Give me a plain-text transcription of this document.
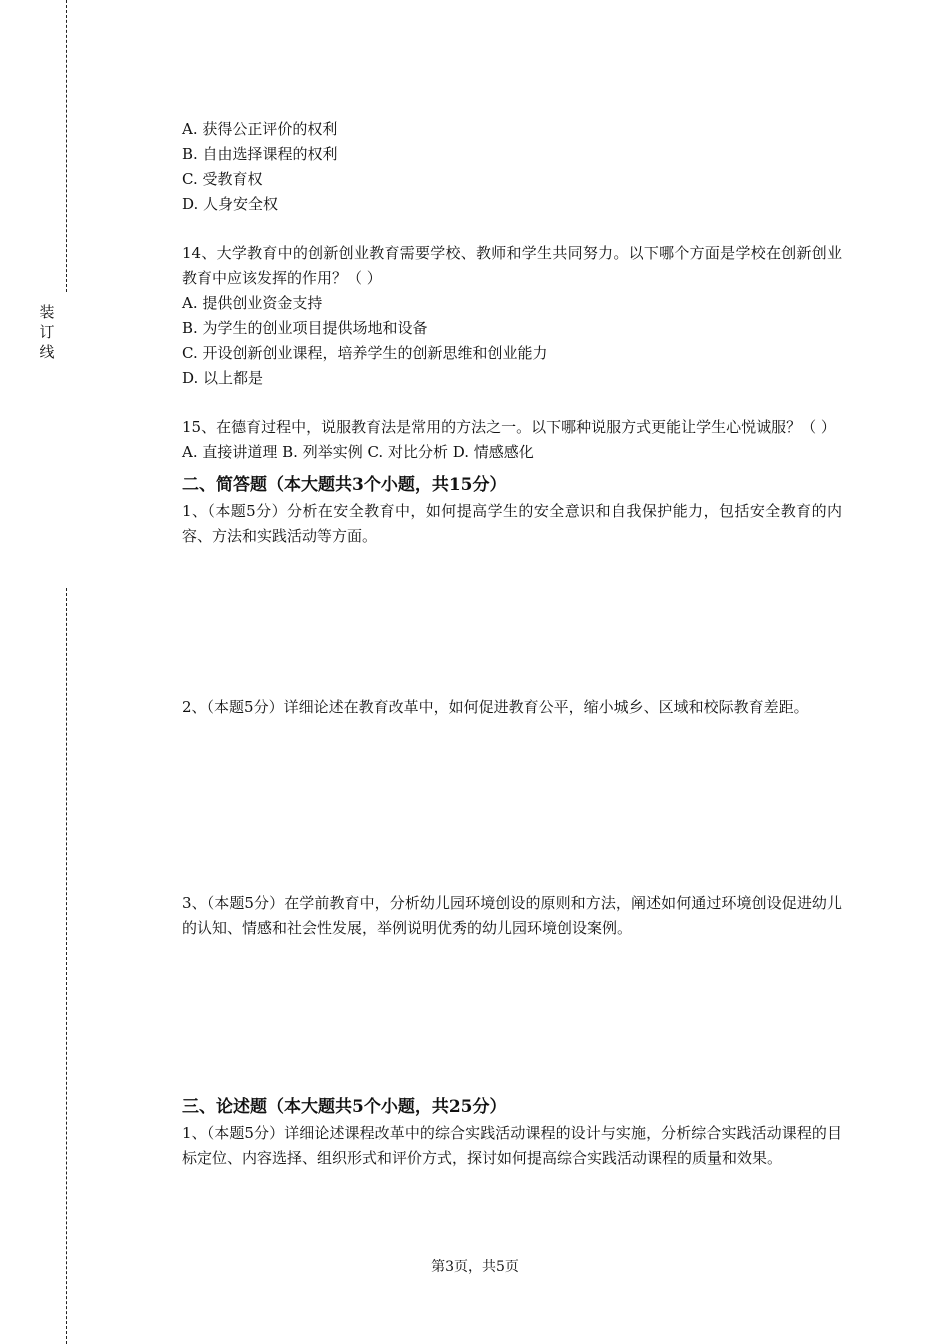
装
订
线
A. 获得公正评价的权利
B. 自由选择课程的权利
C. 受教育权
D. 人身安全权
14、大学教育中的创新创业教育需要学校、教师和学生共同努力。以下哪个方面是学校在创新创业教育中应该发挥的作用？（ ）
A. 提供创业资金支持
B. 为学生的创业项目提供场地和设备
C. 开设创新创业课程，培养学生的创新思维和创业能力
D. 以上都是
15、在德育过程中，说服教育法是常用的方法之一。以下哪种说服方式更能让学生心悦诚服？（ ）
A. 直接讲道理 B. 列举实例 C. 对比分析 D. 情感感化
二、简答题（本大题共3个小题，共15分）
1、（本题5分）分析在安全教育中，如何提高学生的安全意识和自我保护能力，包括安全教育的内容、方法和实践活动等方面。
2、（本题5分）详细论述在教育改革中，如何促进教育公平，缩小城乡、区域和校际教育差距。
3、（本题5分）在学前教育中，分析幼儿园环境创设的原则和方法，阐述如何通过环境创设促进幼儿的认知、情感和社会性发展，举例说明优秀的幼儿园环境创设案例。
三、论述题（本大题共5个小题，共25分）
1、（本题5分）详细论述课程改革中的综合实践活动课程的设计与实施，分析综合实践活动课程的目标定位、内容选择、组织形式和评价方式，探讨如何提高综合实践活动课程的质量和效果。
第3页，共5页
